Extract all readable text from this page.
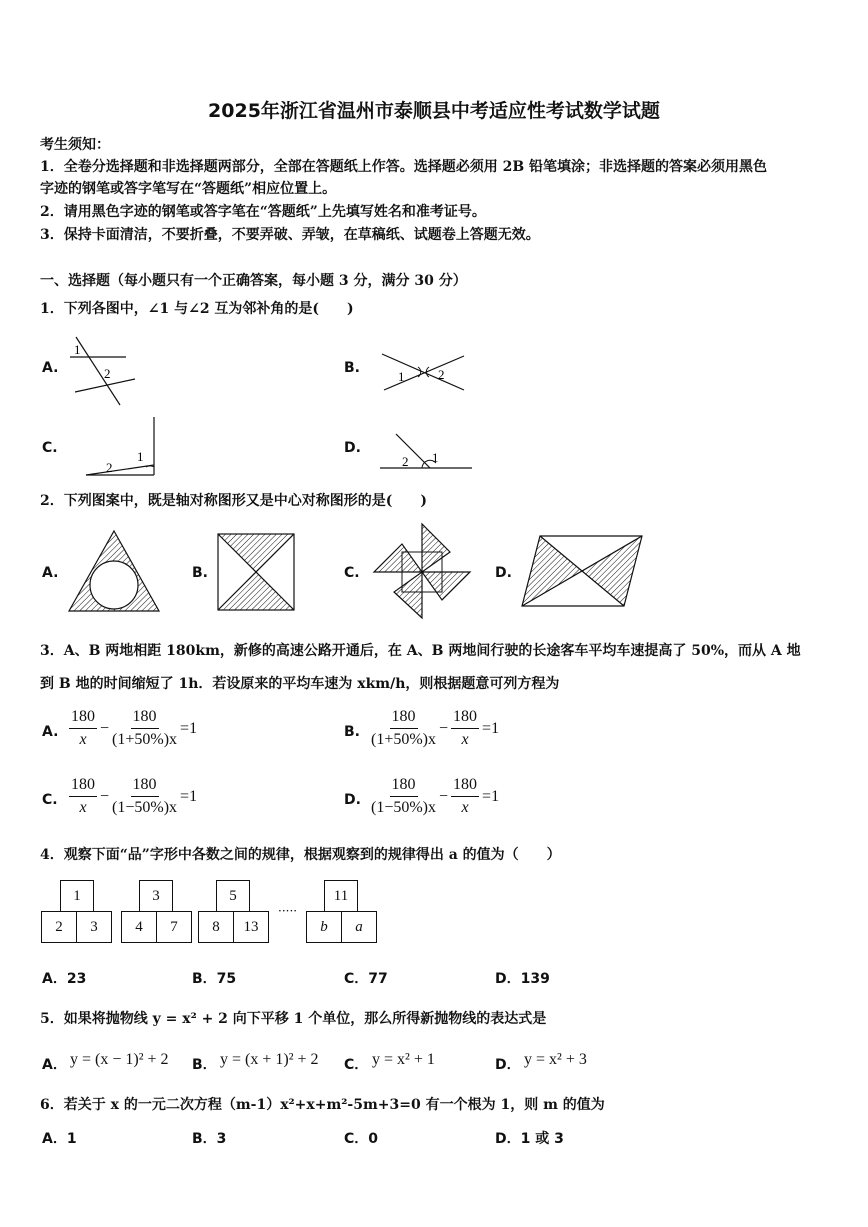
2025年浙江省温州市泰顺县中考适应性考试数学试题
考生须知：
1．全卷分选择题和非选择题两部分，全部在答题纸上作答。选择题必须用 2B 铅笔填涂；非选择题的答案必须用黑色
字迹的钢笔或答字笔写在“答题纸”相应位置上。
2．请用黑色字迹的钢笔或答字笔在“答题纸”上先填写姓名和准考证号。
3．保持卡面清洁，不要折叠，不要弄破、弄皱，在草稿纸、试题卷上答题无效。
一、选择题（每小题只有一个正确答案，每小题 3 分，满分 30 分）
1．下列各图中，∠1 与∠2 互为邻补角的是(　　)
A.
1
2	B.
1	2
C.
1
2
D.
1
2
2．下列图案中，既是轴对称图形又是中心对称图形的是(　　)
A.	B.	C.	D.
3．A、B 两地相距 180km，新修的高速公路开通后，在 A、B 两地间行驶的长途客车平均车速提高了 50%，而从 A 地
到 B 地的时间缩短了 1h．若设原来的平均车速为 xkm/h，则根据题意可列方程为
A. $\frac{180}{x} - \frac{180}{(1+50\%)x} =1$	B. $\frac{180}{(1+50\%)x} - \frac{180}{x} =1$
C. $\frac{180}{x} - \frac{180}{(1-50\%)x} =1$	D. $\frac{180}{(1-50\%)x} - \frac{180}{x} =1$
4．观察下面“品”字形中各数之间的规律，根据观察到的规律得出 a 的值为（　　）
1
2	3
3
4	7
5
8	13
·····
11
b	a
A．23	B．75	C．77	D．139
5．如果将抛物线 y = x² + 2 向下平移 1 个单位，那么所得新抛物线的表达式是
A． y = (x − 1)² + 2 B． y = (x + 1)² + 2 C． y = x² + 1	D． y = x² + 3
6．若关于 x 的一元二次方程（m-1）x²+x+m²-5m+3=0 有一个根为 1，则 m 的值为
A．1	B．3	C．0	D．1 或 3
